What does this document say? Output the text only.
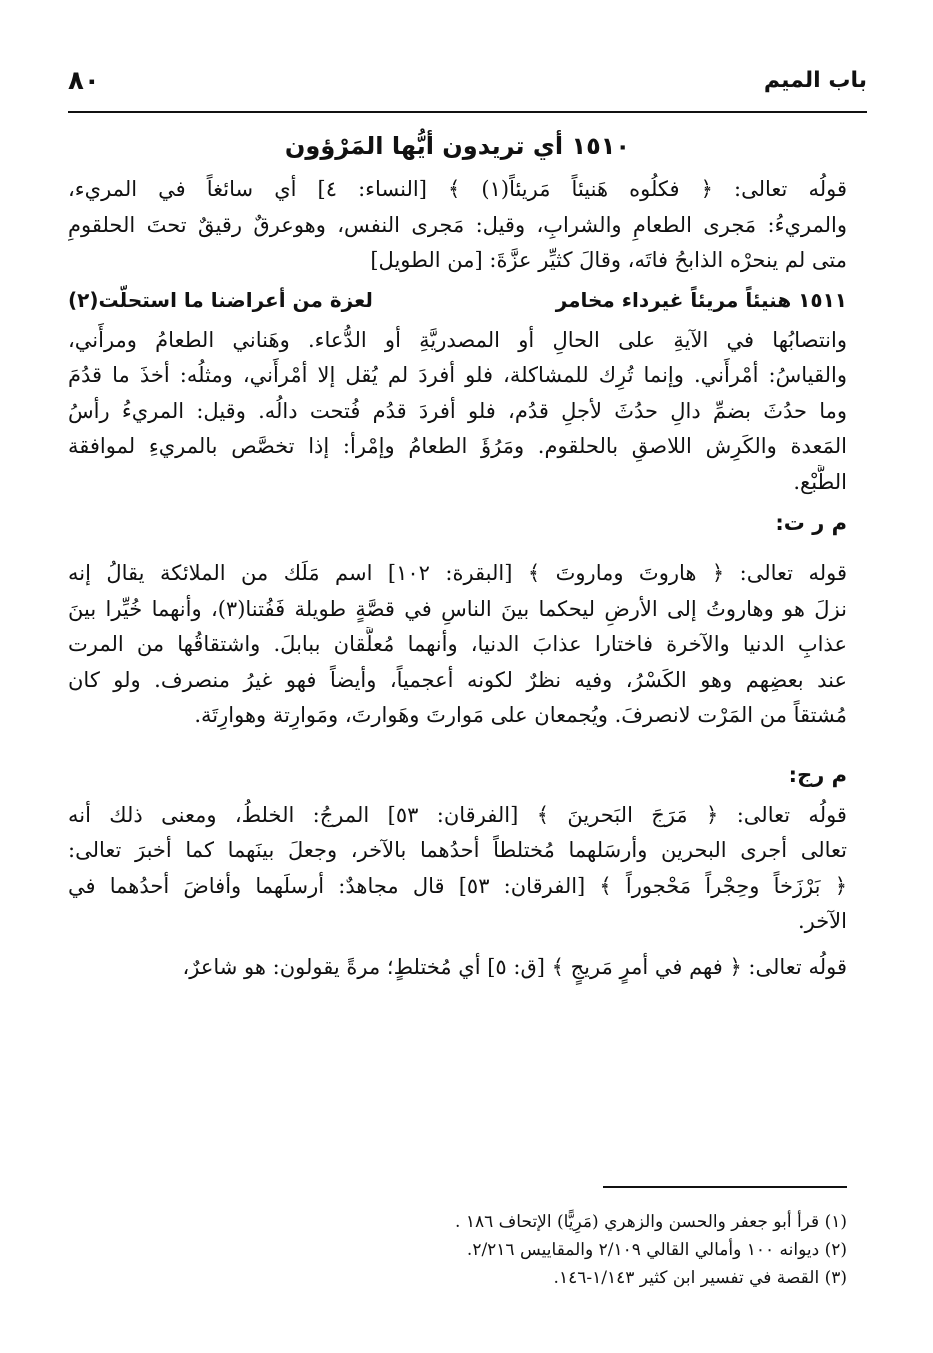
٨٠	باب الميم
١٥١٠ أي تريدون أيُّها المَرْؤون
قولُه تعالى: ﴿ فكلُوه هَنيئاً مَريئاً(١) ﴾ [النساء: ٤] أي سائغاً في المريء،
والمريءُ: مَجرى الطعامِ والشرابِ، وقيل: مَجرى النفس، وهوعرقٌ رقيقٌ تحتَ الحلقومِ
متى لم ينحرْه الذابحُ فاتَه، وقالَ كثيِّر عزَّةَ: [من الطويل]
١٥١١ هنيئاً مريئاً غيرداء مخامر
لعزة من أعراضنا ما استحلّت(٢)
وانتصابُها في الآيةِ على الحالِ أو المصدريَّةِ أو الدُّعاء. وهَناني الطعامُ ومرأَني،
والقياسُ: أمْرأَني. وإنما تُرِك للمشاكلة، فلو أفردَ لم يُقل إلا أمْرأَني، ومثلُه: أخذَ ما قدُمَ
وما حدُثَ بضمِّ دالِ حدُثَ لأجلِ قدُم، فلو أفردَ قدُم فُتحت دالُه. وقيل: المريءُ رأسُ
المَعدة والكَرِش اللاصقِ بالحلقوم. ومَرُؤَ الطعامُ وإمْرأ: إذا تخصَّص بالمريءِ لموافقة
الطَّبْع.
م ر ت:
قوله تعالى: ﴿ هاروتَ وماروتَ ﴾ [البقرة: ١٠٢] اسم مَلَك من الملائكة يقالُ إنه
نزلَ هو وهاروتُ إلى الأرضِ ليحكما بينَ الناسِ في قصَّةٍ طويلة فَفُتنا(٣)، وأنهما خُيِّرا بينَ
عذابِ الدنيا والآخرة فاختارا عذابَ الدنيا، وأنهما مُعلَّقان ببابلَ. واشتقاقُها من المرت
عند بعضِهم وهو الكَسْرُ، وفيه نظرٌ لكونه أعجمياً، وأيضاً فهو غيرُ منصرف. ولو كان
مُشتقاً من المَرْت لانصرفَ. ويُجمعان على مَوارتَ وهَوارتَ، ومَوارِتة وهوارِتَة.
م رج:
قولُه تعالى: ﴿ مَرَجَ البَحرينَ ﴾ [الفرقان: ٥٣] المرجُ: الخلطُ، ومعنى ذلك أنه
تعالى أجرى البحرين وأرسَلهما مُختلطاً أحدُهما بالآخر، وجعلَ بينَهما كما أخبرَ تعالى:
﴿ بَرْزَخاً وحِجْراً مَحْجوراً ﴾ [الفرقان: ٥٣] قال مجاهدٌ: أرسلَهما وأفاضَ أحدُهما في
الآخر.
قولُه تعالى: ﴿ فهم في أمرٍ مَريجٍ ﴾ [ق: ٥] أي مُختلطٍ؛ مرةً يقولون: هو شاعرٌ،
(١) قرأ أبو جعفر والحسن والزهري (مَرِيًّا) الإتحاف ١٨٦ .
(٢) ديوانه ١٠٠ وأمالي القالي ٢/١٠٩ والمقاييس ٢/٢١٦.
(٣) القصة في تفسير ابن كثير ١/١٤٣-١٤٦.
